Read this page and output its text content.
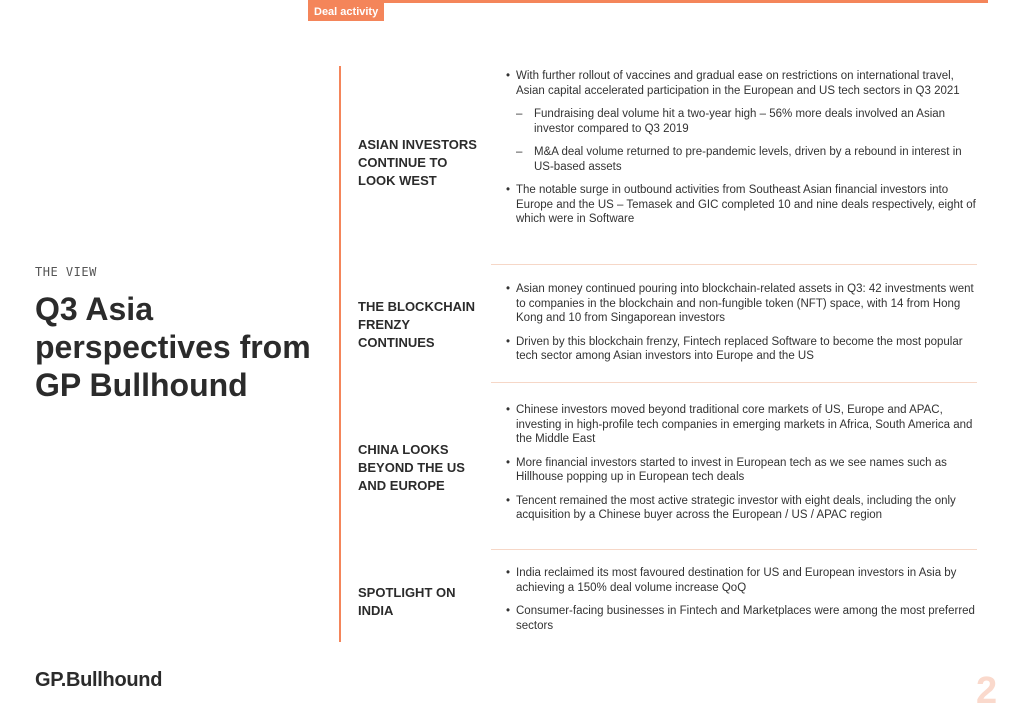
Deal activity
THE VIEW
Q3 Asia perspectives from GP Bullhound
ASIAN INVESTORS CONTINUE TO LOOK WEST
• With further rollout of vaccines and gradual ease on restrictions on international travel, Asian capital accelerated participation in the European and US tech sectors in Q3 2021
– Fundraising deal volume hit a two-year high – 56% more deals involved an Asian investor compared to Q3 2019
– M&A deal volume returned to pre-pandemic levels, driven by a rebound in interest in US-based assets
• The notable surge in outbound activities from Southeast Asian financial investors into Europe and the US – Temasek and GIC completed 10 and nine deals respectively, eight of which were in Software
THE BLOCKCHAIN FRENZY CONTINUES
• Asian money continued pouring into blockchain-related assets in Q3: 42 investments went to companies in the blockchain and non-fungible token (NFT) space, with 14 from Hong Kong and 10 from Singaporean investors
• Driven by this blockchain frenzy, Fintech replaced Software to become the most popular tech sector among Asian investors into Europe and the US
CHINA LOOKS BEYOND THE US AND EUROPE
• Chinese investors moved beyond traditional core markets of US, Europe and APAC, investing in high-profile tech companies in emerging markets in Africa, South America and the Middle East
• More financial investors started to invest in European tech as we see names such as Hillhouse popping up in European tech deals
• Tencent remained the most active strategic investor with eight deals, including the only acquisition by a Chinese buyer across the European / US / APAC region
SPOTLIGHT ON INDIA
• India reclaimed its most favoured destination for US and European investors in Asia by achieving a 150% deal volume increase QoQ
• Consumer-facing businesses in Fintech and Marketplaces were among the most preferred sectors
GP.Bullhound	2
